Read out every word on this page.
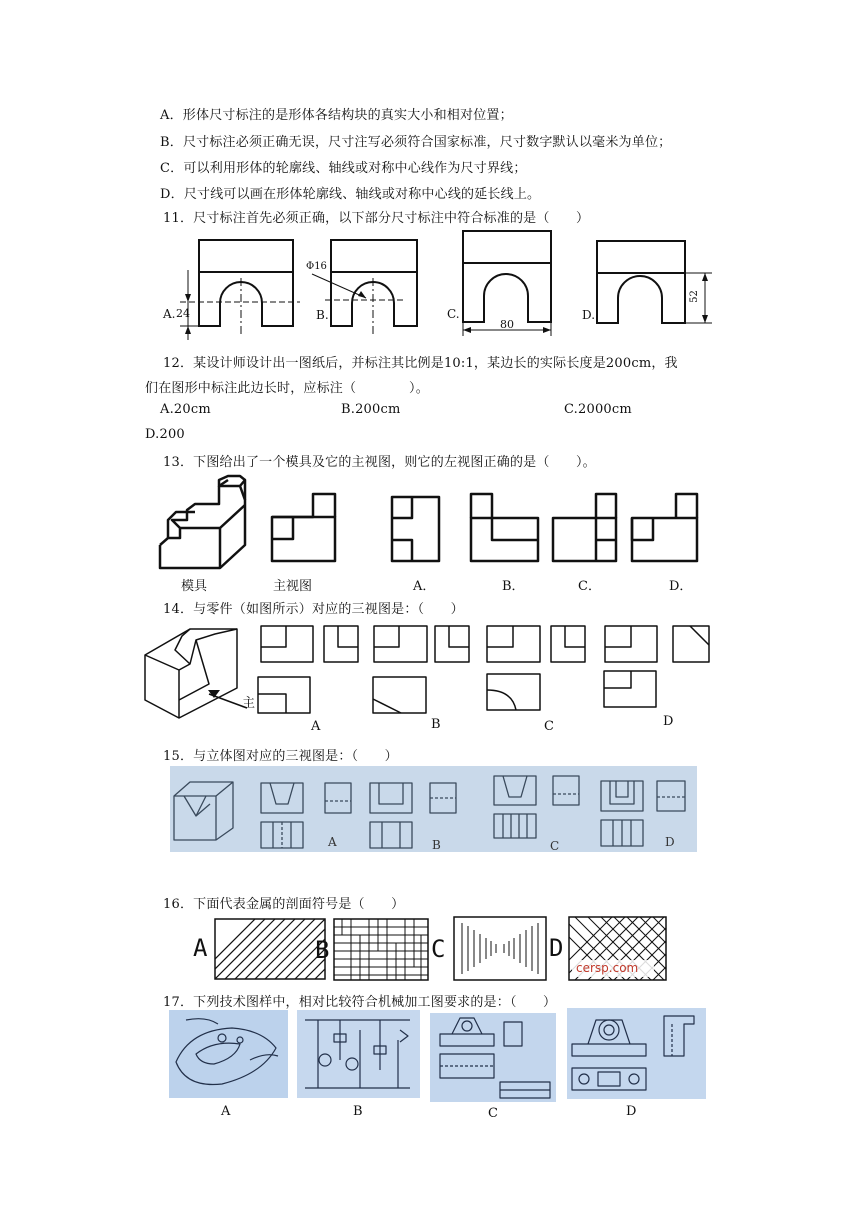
A．形体尺寸标注的是形体各结构块的真实大小和相对位置；
B．尺寸标注必须正确无误，尺寸注写必须符合国家标准，尺寸数字默认以毫米为单位；
C．可以利用形体的轮廓线、轴线或对称中心线作为尺寸界线；
D．尺寸线可以画在形体轮廓线、轴线或对称中心线的延长线上。
11．尺寸标注首先必须正确，以下部分尺寸标注中符合标准的是（　　）
A. 24	B.
Φ16
C.
80
D.
52
12．某设计师设计出一图纸后，并标注其比例是10:1，某边长的实际长度是200cm，我
们在图形中标注此边长时，应标注（　　　　）。
A.20cm	B.200cm	C.2000cm
D.200
13．下图给出了一个模具及它的主视图，则它的左视图正确的是（　　）。
模具	主视图	A．	B．	C．	D．
14．与零件（如图所示）对应的三视图是：（　　）
主
A	B	C	D
15．与立体图对应的三视图是：（　　）
A	B	C	D
16．下面代表金属的剖面符号是（　　）
A	B	C	D
cersp.com
17．下列技术图样中，相对比较符合机械加工图要求的是：（　　）
A	B	C	D
